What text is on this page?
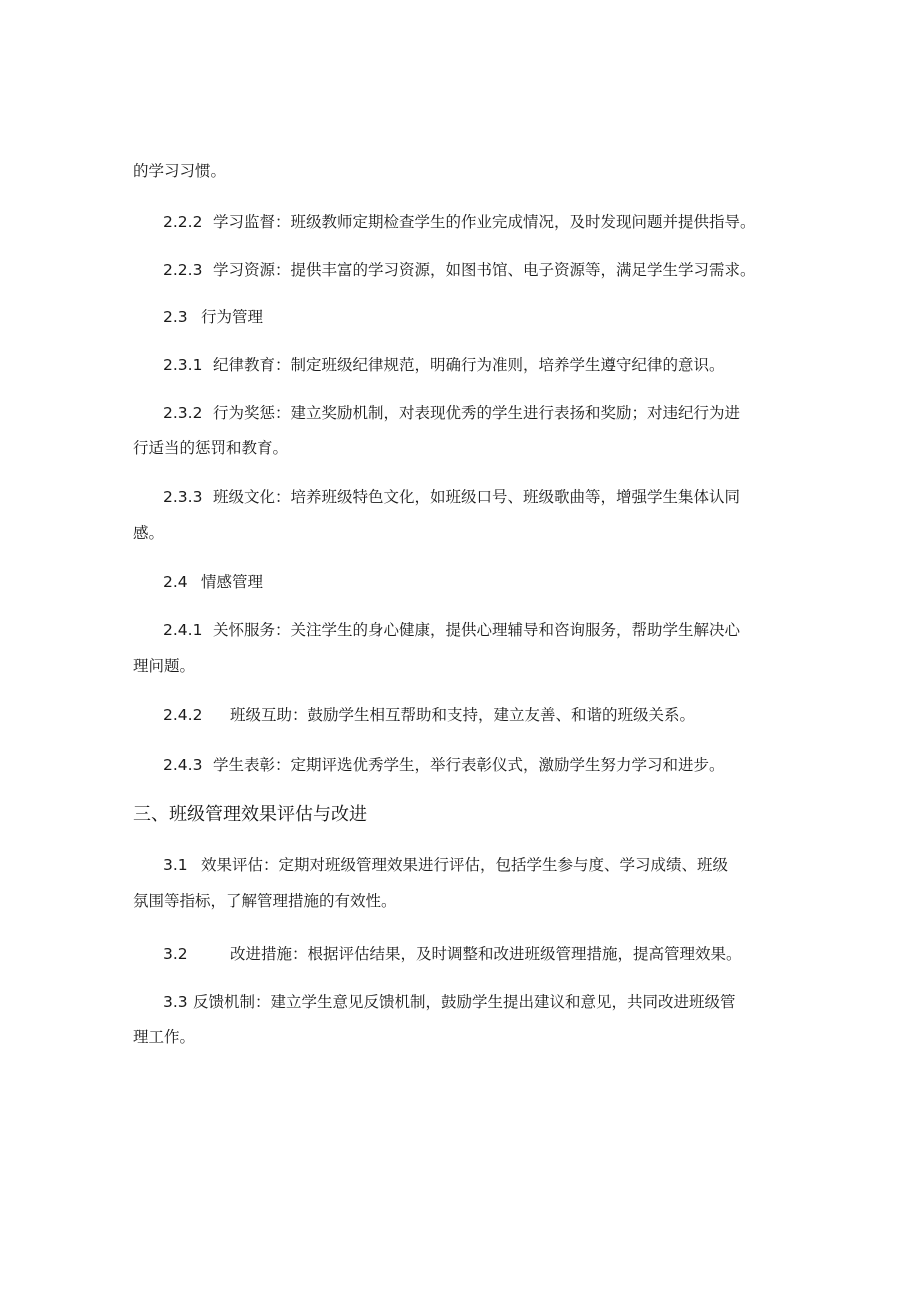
的学习习惯。
2.2.2 学习监督：班级教师定期检查学生的作业完成情况，及时发现问题并提供指导。
2.2.3 学习资源：提供丰富的学习资源，如图书馆、电子资源等，满足学生学习需求。
2.3 行为管理
2.3.1 纪律教育：制定班级纪律规范，明确行为准则，培养学生遵守纪律的意识。
2.3.2 行为奖惩：建立奖励机制，对表现优秀的学生进行表扬和奖励；对违纪行为进
行适当的惩罚和教育。
2.3.3 班级文化：培养班级特色文化，如班级口号、班级歌曲等，增强学生集体认同
感。
2.4 情感管理
2.4.1 关怀服务：关注学生的身心健康，提供心理辅导和咨询服务，帮助学生解决心
理问题。
2.4.2 班级互助：鼓励学生相互帮助和支持，建立友善、和谐的班级关系。
2.4.3 学生表彰：定期评选优秀学生，举行表彰仪式，激励学生努力学习和进步。
三、班级管理效果评估与改进
3.1 效果评估：定期对班级管理效果进行评估，包括学生参与度、学习成绩、班级
氛围等指标，了解管理措施的有效性。
3.2	改进措施：根据评估结果，及时调整和改进班级管理措施，提高管理效果。
3.3 反馈机制：建立学生意见反馈机制，鼓励学生提出建议和意见，共同改进班级管
理工作。
